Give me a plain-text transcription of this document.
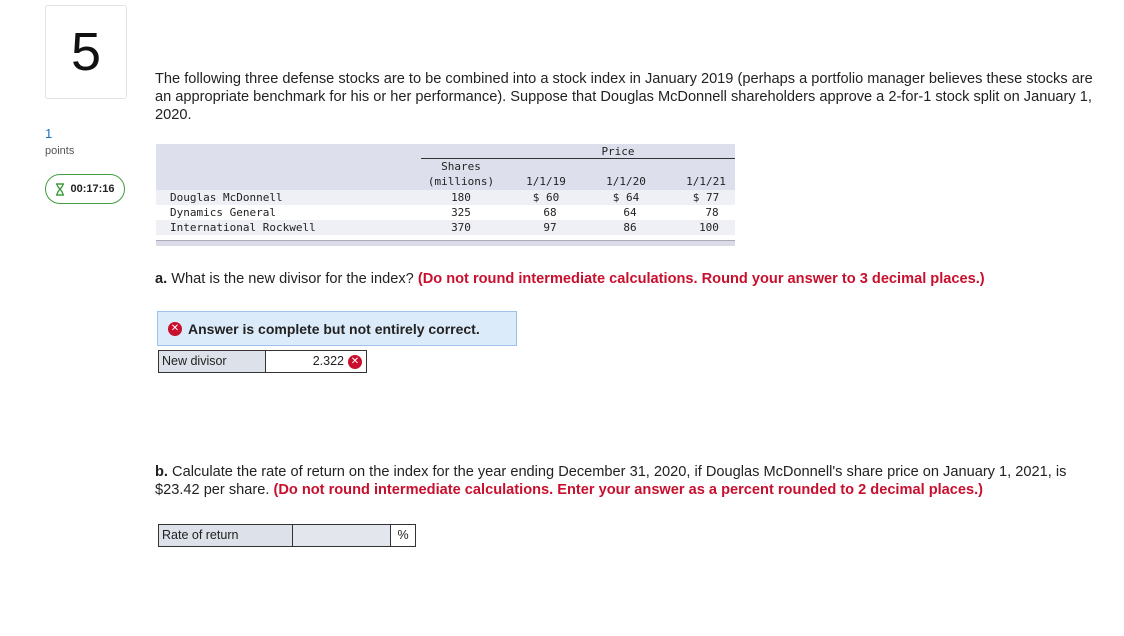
5
1
points
00:17:16
The following three defense stocks are to be combined into a stock index in January 2019 (perhaps a portfolio manager believes these stocks are an appropriate benchmark for his or her performance). Suppose that Douglas McDonnell shareholders approve a 2-for-1 stock split on January 1, 2020.
Price
Shares
(millions)	1/1/19	1/1/20	1/1/21
Douglas McDonnell	180	$ 60	$ 64	$ 77
Dynamics General	325	68	64	78
International Rockwell	370	97	86	100
a. What is the new divisor for the index? (Do not round intermediate calculations. Round your answer to 3 decimal places.)
✕ Answer is complete but not entirely correct.
New divisor	2.322 ✕
b. Calculate the rate of return on the index for the year ending December 31, 2020, if Douglas McDonnell's share price on January 1, 2021, is $23.42 per share. (Do not round intermediate calculations. Enter your answer as a percent rounded to 2 decimal places.)
Rate of return	%
